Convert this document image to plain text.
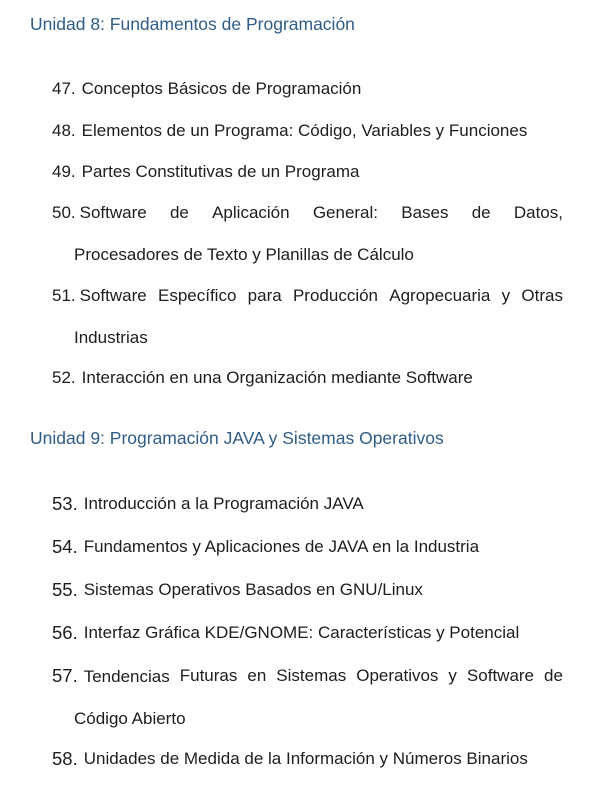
Unidad 8: Fundamentos de Programación
47. Conceptos Básicos de Programación
48. Elementos de un Programa: Código, Variables y Funciones
49. Partes Constitutivas de un Programa
50. Software de Aplicación General: Bases de Datos,
Procesadores de Texto y Planillas de Cálculo
51. Software Específico para Producción Agropecuaria y Otras
Industrias
52. Interacción en una Organización mediante Software
Unidad 9: Programación JAVA y Sistemas Operativos
53. Introducción a la Programación JAVA
54. Fundamentos y Aplicaciones de JAVA en la Industria
55. Sistemas Operativos Basados en GNU/Linux
56. Interfaz Gráfica KDE/GNOME: Características y Potencial
57. Tendencias Futuras en Sistemas Operativos y Software de
Código Abierto
58. Unidades de Medida de la Información y Números Binarios
